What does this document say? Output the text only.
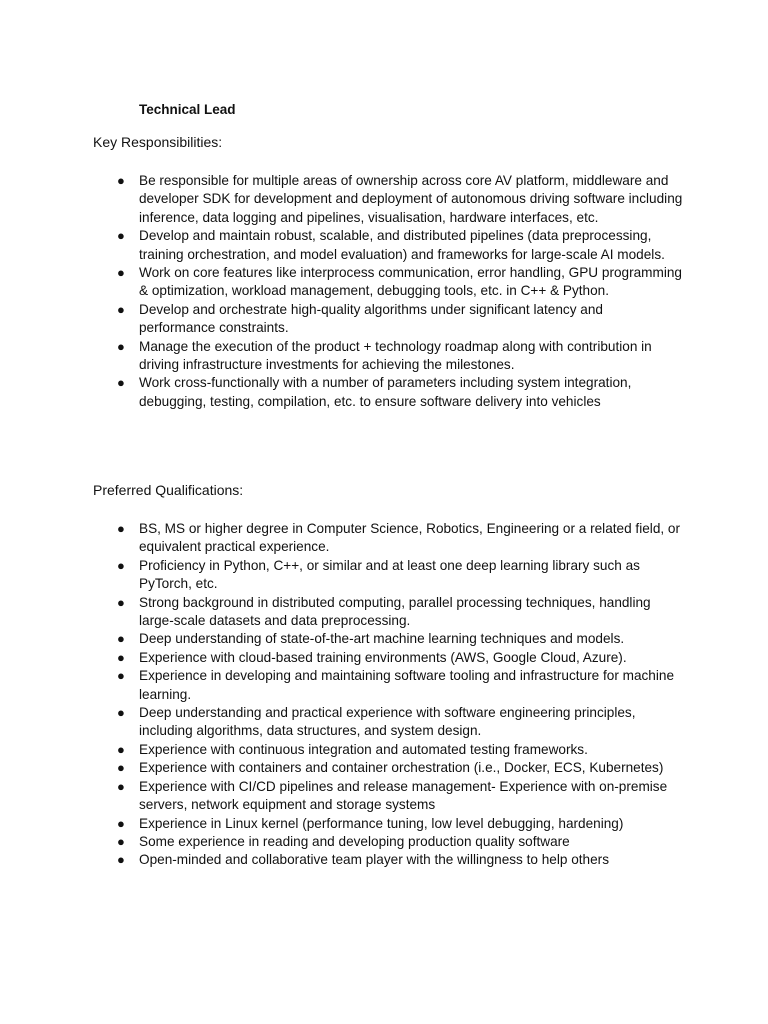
Technical Lead
Key Responsibilities:
● Be responsible for multiple areas of ownership across core AV platform, middleware and developer SDK for development and deployment of autonomous driving software including inference, data logging and pipelines, visualisation, hardware interfaces, etc.
● Develop and maintain robust, scalable, and distributed pipelines (data preprocessing, training orchestration, and model evaluation) and frameworks for large-scale AI models.
● Work on core features like interprocess communication, error handling, GPU programming & optimization, workload management, debugging tools, etc. in C++ & Python.
● Develop and orchestrate high-quality algorithms under significant latency and performance constraints.
● Manage the execution of the product + technology roadmap along with contribution in driving infrastructure investments for achieving the milestones.
● Work cross-functionally with a number of parameters including system integration, debugging, testing, compilation, etc. to ensure software delivery into vehicles
Preferred Qualifications:
● BS, MS or higher degree in Computer Science, Robotics, Engineering or a related field, or equivalent practical experience.
● Proficiency in Python, C++, or similar and at least one deep learning library such as PyTorch, etc.
● Strong background in distributed computing, parallel processing techniques, handling large-scale datasets and data preprocessing.
● Deep understanding of state-of-the-art machine learning techniques and models.
● Experience with cloud-based training environments (AWS, Google Cloud, Azure).
● Experience in developing and maintaining software tooling and infrastructure for machine learning.
● Deep understanding and practical experience with software engineering principles, including algorithms, data structures, and system design.
● Experience with continuous integration and automated testing frameworks.
● Experience with containers and container orchestration (i.e., Docker, ECS, Kubernetes)
● Experience with CI/CD pipelines and release management- Experience with on-premise servers, network equipment and storage systems
● Experience in Linux kernel (performance tuning, low level debugging, hardening)
● Some experience in reading and developing production quality software
● Open-minded and collaborative team player with the willingness to help others
